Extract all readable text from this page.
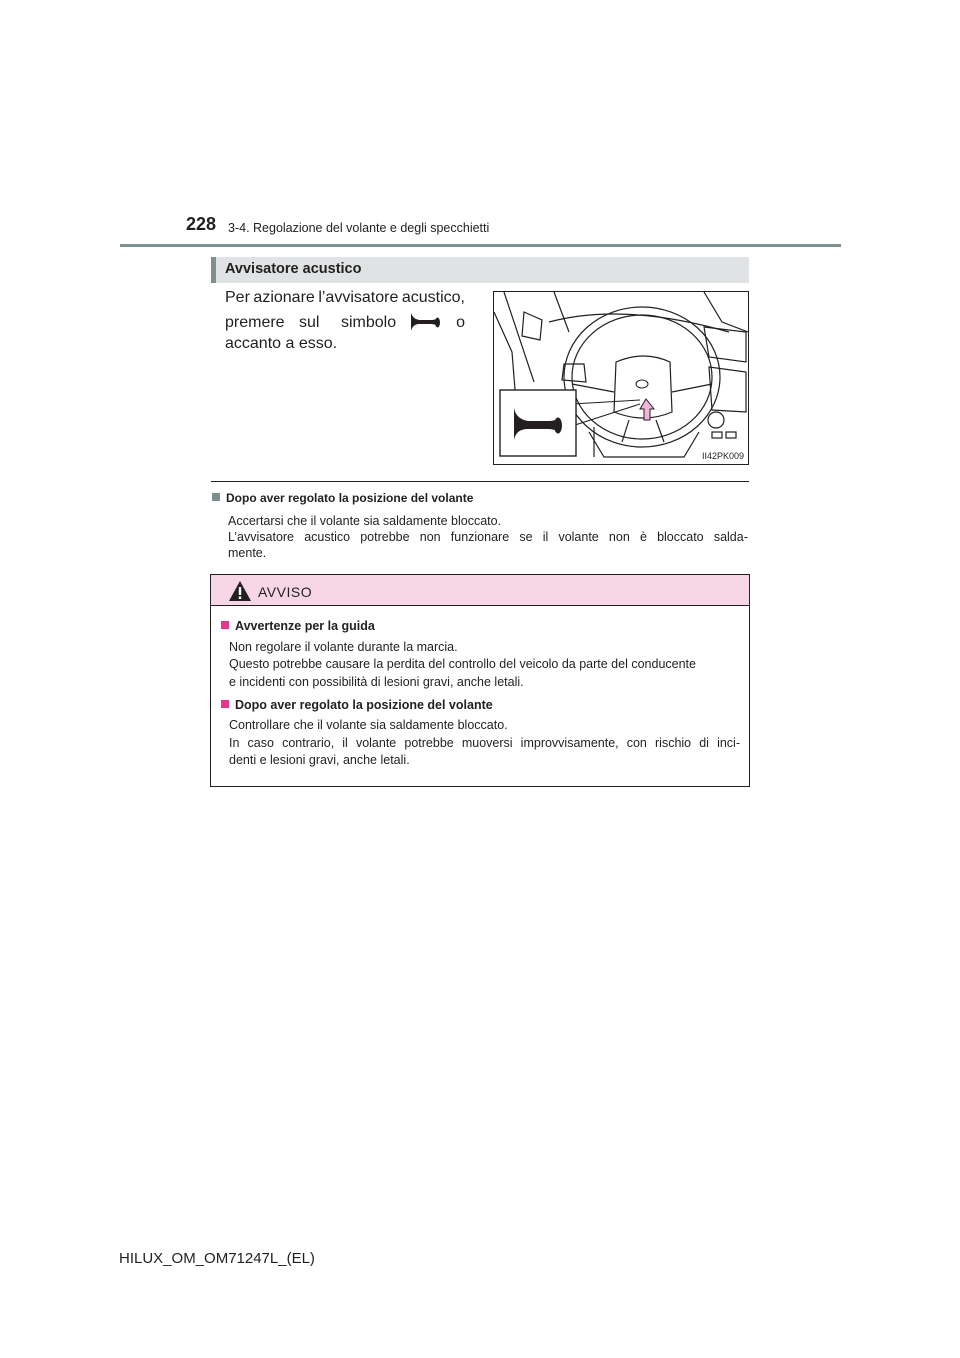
228 3-4. Regolazione del volante e degli specchietti
Avvisatore acustico
Per azionare l’avvisatore acustico,
premere sul simbolo	o
accanto a esso.
II42PK009
Dopo aver regolato la posizione del volante
Accertarsi che il volante sia saldamente bloccato.
L’avvisatore acustico potrebbe non funzionare se il volante non è bloccato salda-
mente.
AVVISO
Avvertenze per la guida
Non regolare il volante durante la marcia.
Questo potrebbe causare la perdita del controllo del veicolo da parte del conducente
e incidenti con possibilità di lesioni gravi, anche letali.
Dopo aver regolato la posizione del volante
Controllare che il volante sia saldamente bloccato.
In caso contrario, il volante potrebbe muoversi improvvisamente, con rischio di inci-
denti e lesioni gravi, anche letali.
HILUX_OM_OM71247L_(EL)
